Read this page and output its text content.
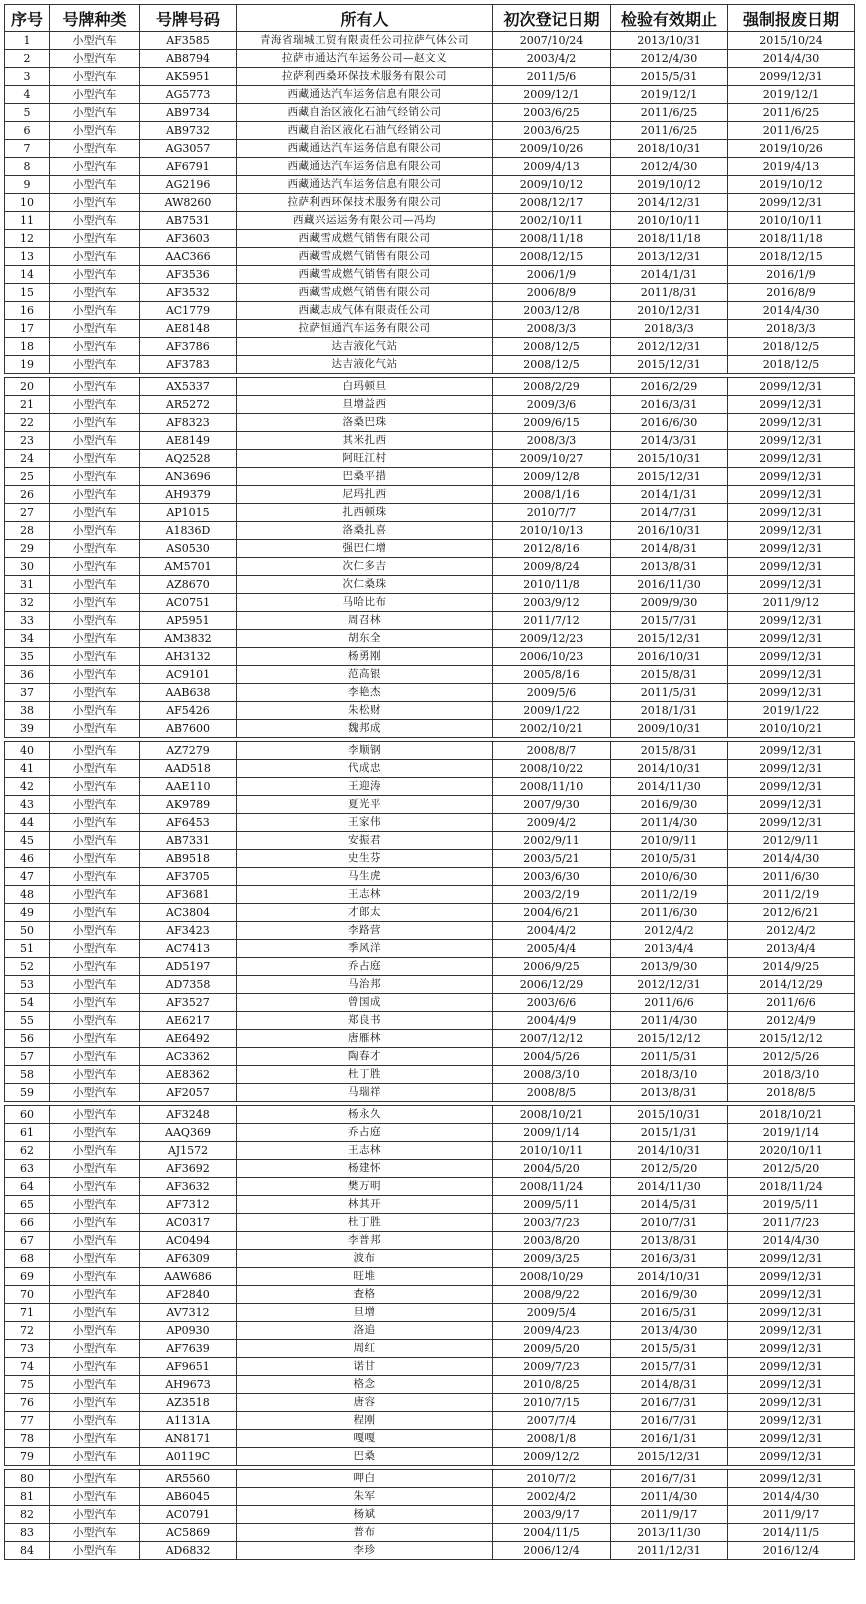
序号	号牌种类	号牌号码	所有人	初次登记日期	检验有效期止	强制报废日期
1	小型汽车	AF3585	青海省瑞城工贸有限责任公司拉萨气体公司	2007/10/24	2013/10/31	2015/10/24
2	小型汽车	AB8794	拉萨市通达汽车运务公司—赵文义	2003/4/2	2012/4/30	2014/4/30
3	小型汽车	AK5951	拉萨利西桑环保技术服务有限公司	2011/5/6	2015/5/31	2099/12/31
4	小型汽车	AG5773	西藏通达汽车运务信息有限公司	2009/12/1	2019/12/1	2019/12/1
5	小型汽车	AB9734	西藏自治区液化石油气经销公司	2003/6/25	2011/6/25	2011/6/25
6	小型汽车	AB9732	西藏自治区液化石油气经销公司	2003/6/25	2011/6/25	2011/6/25
7	小型汽车	AG3057	西藏通达汽车运务信息有限公司	2009/10/26	2018/10/31	2019/10/26
8	小型汽车	AF6791	西藏通达汽车运务信息有限公司	2009/4/13	2012/4/30	2019/4/13
9	小型汽车	AG2196	西藏通达汽车运务信息有限公司	2009/10/12	2019/10/12	2019/10/12
10	小型汽车	AW8260	拉萨利西环保技术服务有限公司	2008/12/17	2014/12/31	2099/12/31
11	小型汽车	AB7531	西藏兴运运务有限公司—冯均	2002/10/11	2010/10/11	2010/10/11
12	小型汽车	AF3603	西藏雪成燃气销售有限公司	2008/11/18	2018/11/18	2018/11/18
13	小型汽车	AAC366	西藏雪成燃气销售有限公司	2008/12/15	2013/12/31	2018/12/15
14	小型汽车	AF3536	西藏雪成燃气销售有限公司	2006/1/9	2014/1/31	2016/1/9
15	小型汽车	AF3532	西藏雪成燃气销售有限公司	2006/8/9	2011/8/31	2016/8/9
16	小型汽车	AC1779	西藏志成气体有限责任公司	2003/12/8	2010/12/31	2014/4/30
17	小型汽车	AE8148	拉萨恒通汽车运务有限公司	2008/3/3	2018/3/3	2018/3/3
18	小型汽车	AF3786	达吉液化气站	2008/12/5	2012/12/31	2018/12/5
19	小型汽车	AF3783	达吉液化气站	2008/12/5	2015/12/31	2018/12/5

20	小型汽车	AX5337	白玛顿旦	2008/2/29	2016/2/29	2099/12/31
21	小型汽车	AR5272	旦增益西	2009/3/6	2016/3/31	2099/12/31
22	小型汽车	AF8323	洛桑巴珠	2009/6/15	2016/6/30	2099/12/31
23	小型汽车	AE8149	其米扎西	2008/3/3	2014/3/31	2099/12/31
24	小型汽车	AQ2528	阿旺江村	2009/10/27	2015/10/31	2099/12/31
25	小型汽车	AN3696	巴桑平措	2009/12/8	2015/12/31	2099/12/31
26	小型汽车	AH9379	尼玛扎西	2008/1/16	2014/1/31	2099/12/31
27	小型汽车	AP1015	扎西顿珠	2010/7/7	2014/7/31	2099/12/31
28	小型汽车	A1836D	洛桑扎喜	2010/10/13	2016/10/31	2099/12/31
29	小型汽车	AS0530	强巴仁增	2012/8/16	2014/8/31	2099/12/31
30	小型汽车	AM5701	次仁多吉	2009/8/24	2013/8/31	2099/12/31
31	小型汽车	AZ8670	次仁桑珠	2010/11/8	2016/11/30	2099/12/31
32	小型汽车	AC0751	马哈比布	2003/9/12	2009/9/30	2011/9/12
33	小型汽车	AP5951	周召林	2011/7/12	2015/7/31	2099/12/31
34	小型汽车	AM3832	胡东全	2009/12/23	2015/12/31	2099/12/31
35	小型汽车	AH3132	杨勇刚	2006/10/23	2016/10/31	2099/12/31
36	小型汽车	AC9101	范高银	2005/8/16	2015/8/31	2099/12/31
37	小型汽车	AAB638	李艳杰	2009/5/6	2011/5/31	2099/12/31
38	小型汽车	AF5426	朱松财	2009/1/22	2018/1/31	2019/1/22
39	小型汽车	AB7600	魏邦成	2002/10/21	2009/10/31	2010/10/21

40	小型汽车	AZ7279	李顺钢	2008/8/7	2015/8/31	2099/12/31
41	小型汽车	AAD518	代成忠	2008/10/22	2014/10/31	2099/12/31
42	小型汽车	AAE110	王迎涛	2008/11/10	2014/11/30	2099/12/31
43	小型汽车	AK9789	夏光平	2007/9/30	2016/9/30	2099/12/31
44	小型汽车	AF6453	王家伟	2009/4/2	2011/4/30	2099/12/31
45	小型汽车	AB7331	安振君	2002/9/11	2010/9/11	2012/9/11
46	小型汽车	AB9518	史生芬	2003/5/21	2010/5/31	2014/4/30
47	小型汽车	AF3705	马生虎	2003/6/30	2010/6/30	2011/6/30
48	小型汽车	AF3681	王志林	2003/2/19	2011/2/19	2011/2/19
49	小型汽车	AC3804	才郎太	2004/6/21	2011/6/30	2012/6/21
50	小型汽车	AF3423	李路营	2004/4/2	2012/4/2	2012/4/2
51	小型汽车	AC7413	季风洋	2005/4/4	2013/4/4	2013/4/4
52	小型汽车	AD5197	乔占庭	2006/9/25	2013/9/30	2014/9/25
53	小型汽车	AD7358	马治邦	2006/12/29	2012/12/31	2014/12/29
54	小型汽车	AF3527	曾国成	2003/6/6	2011/6/6	2011/6/6
55	小型汽车	AE6217	郑良书	2004/4/9	2011/4/30	2012/4/9
56	小型汽车	AE6492	唐雁林	2007/12/12	2015/12/12	2015/12/12
57	小型汽车	AC3362	陶春才	2004/5/26	2011/5/31	2012/5/26
58	小型汽车	AE8362	杜丁胜	2008/3/10	2018/3/10	2018/3/10
59	小型汽车	AF2057	马瑞祥	2008/8/5	2013/8/31	2018/8/5

60	小型汽车	AF3248	杨永久	2008/10/21	2015/10/31	2018/10/21
61	小型汽车	AAQ369	乔占庭	2009/1/14	2015/1/31	2019/1/14
62	小型汽车	AJ1572	王志林	2010/10/11	2014/10/31	2020/10/11
63	小型汽车	AF3692	杨建怀	2004/5/20	2012/5/20	2012/5/20
64	小型汽车	AF3632	樊万明	2008/11/24	2014/11/30	2018/11/24
65	小型汽车	AF7312	林其开	2009/5/11	2014/5/31	2019/5/11
66	小型汽车	AC0317	杜丁胜	2003/7/23	2010/7/31	2011/7/23
67	小型汽车	AC0494	李普邦	2003/8/20	2013/8/31	2014/4/30
68	小型汽车	AF6309	波布	2009/3/25	2016/3/31	2099/12/31
69	小型汽车	AAW686	旺堆	2008/10/29	2014/10/31	2099/12/31
70	小型汽车	AF2840	査格	2008/9/22	2016/9/30	2099/12/31
71	小型汽车	AV7312	旦增	2009/5/4	2016/5/31	2099/12/31
72	小型汽车	AP0930	洛追	2009/4/23	2013/4/30	2099/12/31
73	小型汽车	AF7639	周红	2009/5/20	2015/5/31	2099/12/31
74	小型汽车	AF9651	诺甘	2009/7/23	2015/7/31	2099/12/31
75	小型汽车	AH9673	格念	2010/8/25	2014/8/31	2099/12/31
76	小型汽车	AZ3518	唐容	2010/7/15	2016/7/31	2099/12/31
77	小型汽车	A1131A	程刚	2007/7/4	2016/7/31	2099/12/31
78	小型汽车	AN8171	嘎嘎	2008/1/8	2016/1/31	2099/12/31
79	小型汽车	A0119C	巴桑	2009/12/2	2015/12/31	2099/12/31

80	小型汽车	AR5560	呷白	2010/7/2	2016/7/31	2099/12/31
81	小型汽车	AB6045	朱军	2002/4/2	2011/4/30	2014/4/30
82	小型汽车	AC0791	杨斌	2003/9/17	2011/9/17	2011/9/17
83	小型汽车	AC5869	普布	2004/11/5	2013/11/30	2014/11/5
84	小型汽车	AD6832	李珍	2006/12/4	2011/12/31	2016/12/4
